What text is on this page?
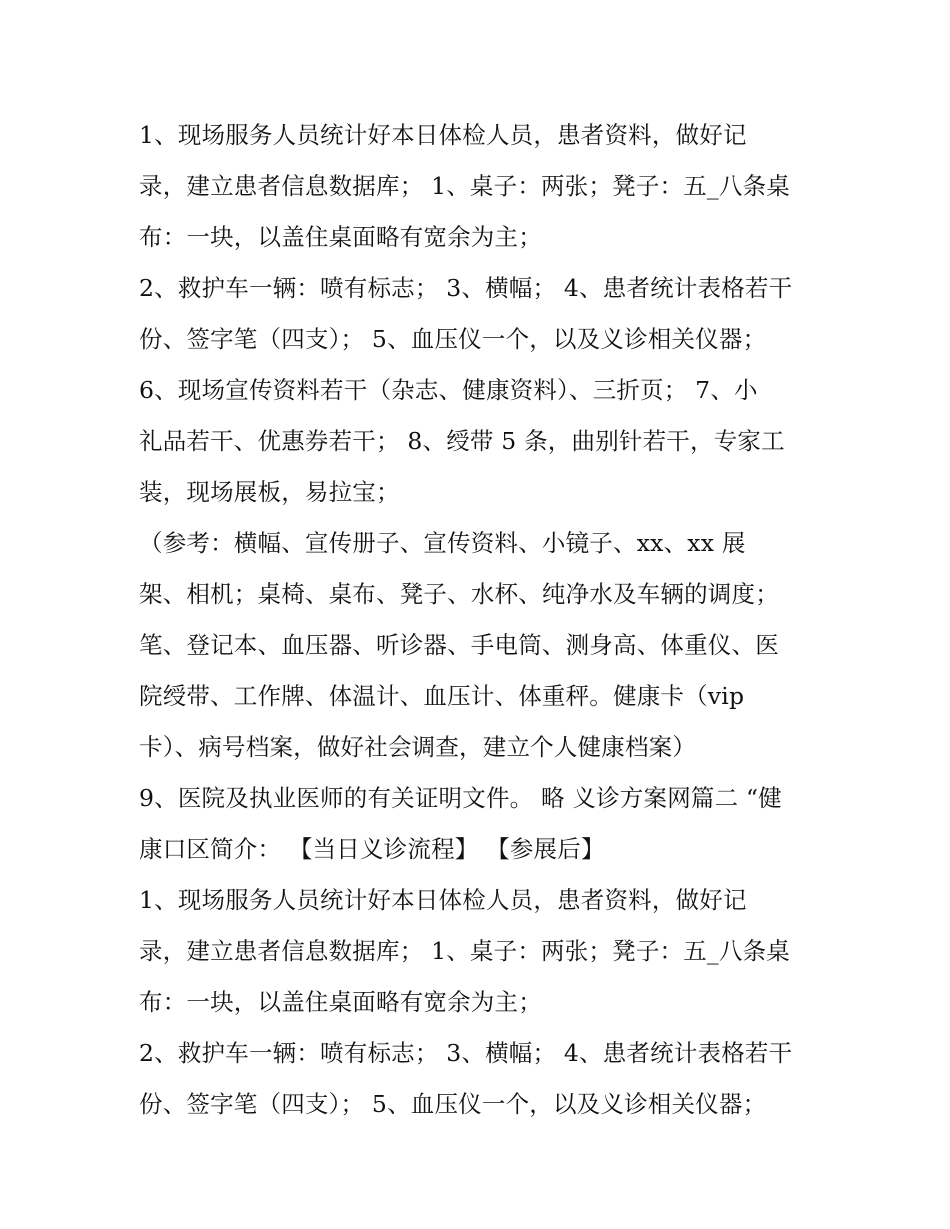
1、现场服务人员统计好本日体检人员，患者资料，做好记
录，建立患者信息数据库； 1、桌子：两张；凳子：五_八条桌
布：一块，以盖住桌面略有宽余为主；
2、救护车一辆：喷有标志； 3、横幅； 4、患者统计表格若干
份、签字笔（四支）； 5、血压仪一个，以及义诊相关仪器；
6、现场宣传资料若干（杂志、健康资料）、三折页； 7、小
礼品若干、优惠券若干； 8、绶带 5 条，曲别针若干，专家工
装，现场展板，易拉宝；
（参考：横幅、宣传册子、宣传资料、小镜子、xx、xx 展
架、相机；桌椅、桌布、凳子、水杯、纯净水及车辆的调度；
笔、登记本、血压器、听诊器、手电筒、测身高、体重仪、医
院绶带、工作牌、体温计、血压计、体重秤。健康卡（vip
卡）、病号档案，做好社会调查，建立个人健康档案）
9、医院及执业医师的有关证明文件。 略 义诊方案网篇二 “健
康口区简介： 【当日义诊流程】 【参展后】
1、现场服务人员统计好本日体检人员，患者资料，做好记
录，建立患者信息数据库； 1、桌子：两张；凳子：五_八条桌
布：一块，以盖住桌面略有宽余为主；
2、救护车一辆：喷有标志； 3、横幅； 4、患者统计表格若干
份、签字笔（四支）； 5、血压仪一个，以及义诊相关仪器；
